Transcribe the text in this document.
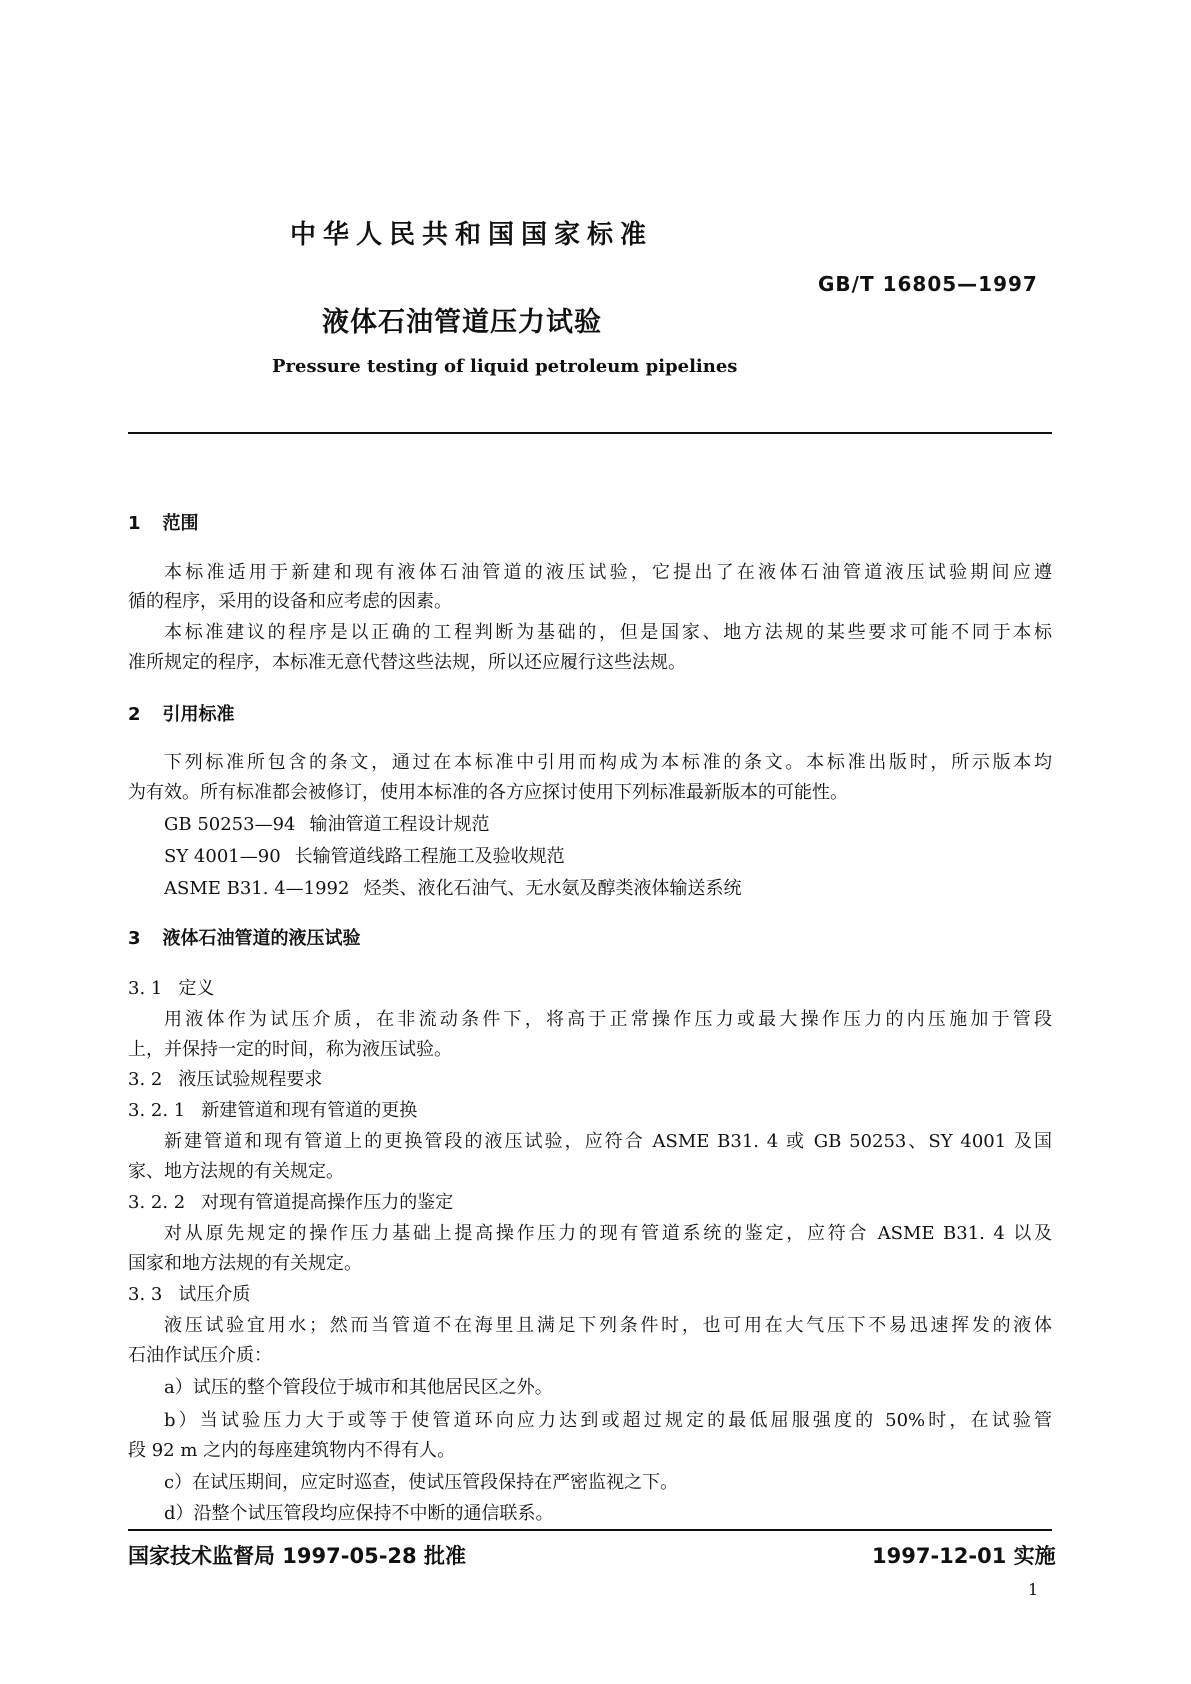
中华人民共和国国家标准
GB/T 16805—1997
液体石油管道压力试验
Pressure testing of liquid petroleum pipelines
1 范围
本标准适用于新建和现有液体石油管道的液压试验，它提出了在液体石油管道液压试验期间应遵
循的程序，采用的设备和应考虑的因素。
本标准建议的程序是以正确的工程判断为基础的，但是国家、地方法规的某些要求可能不同于本标
准所规定的程序，本标准无意代替这些法规，所以还应履行这些法规。
2 引用标准
下列标准所包含的条文，通过在本标准中引用而构成为本标准的条文。本标准出版时，所示版本均
为有效。所有标准都会被修订，使用本标准的各方应探讨使用下列标准最新版本的可能性。
GB 50253—94 输油管道工程设计规范
SY 4001—90 长输管道线路工程施工及验收规范
ASME B31. 4—1992 烃类、液化石油气、无水氨及醇类液体输送系统
3 液体石油管道的液压试验
3. 1 定义
用液体作为试压介质，在非流动条件下，将高于正常操作压力或最大操作压力的内压施加于管段
上，并保持一定的时间，称为液压试验。
3. 2 液压试验规程要求
3. 2. 1 新建管道和现有管道的更换
新建管道和现有管道上的更换管段的液压试验，应符合 ASME B31. 4 或 GB 50253、SY 4001 及国
家、地方法规的有关规定。
3. 2. 2 对现有管道提高操作压力的鉴定
对从原先规定的操作压力基础上提高操作压力的现有管道系统的鉴定，应符合 ASME B31. 4 以及
国家和地方法规的有关规定。
3. 3 试压介质
液压试验宜用水；然而当管道不在海里且满足下列条件时，也可用在大气压下不易迅速挥发的液体
石油作试压介质：
a）试压的整个管段位于城市和其他居民区之外。
b）当试验压力大于或等于使管道环向应力达到或超过规定的最低屈服强度的 50%时，在试验管
段 92 m 之内的每座建筑物内不得有人。
c）在试压期间，应定时巡查，使试压管段保持在严密监视之下。
d）沿整个试压管段均应保持不中断的通信联系。
国家技术监督局 1997-05-28 批准	1997-12-01 实施
1
